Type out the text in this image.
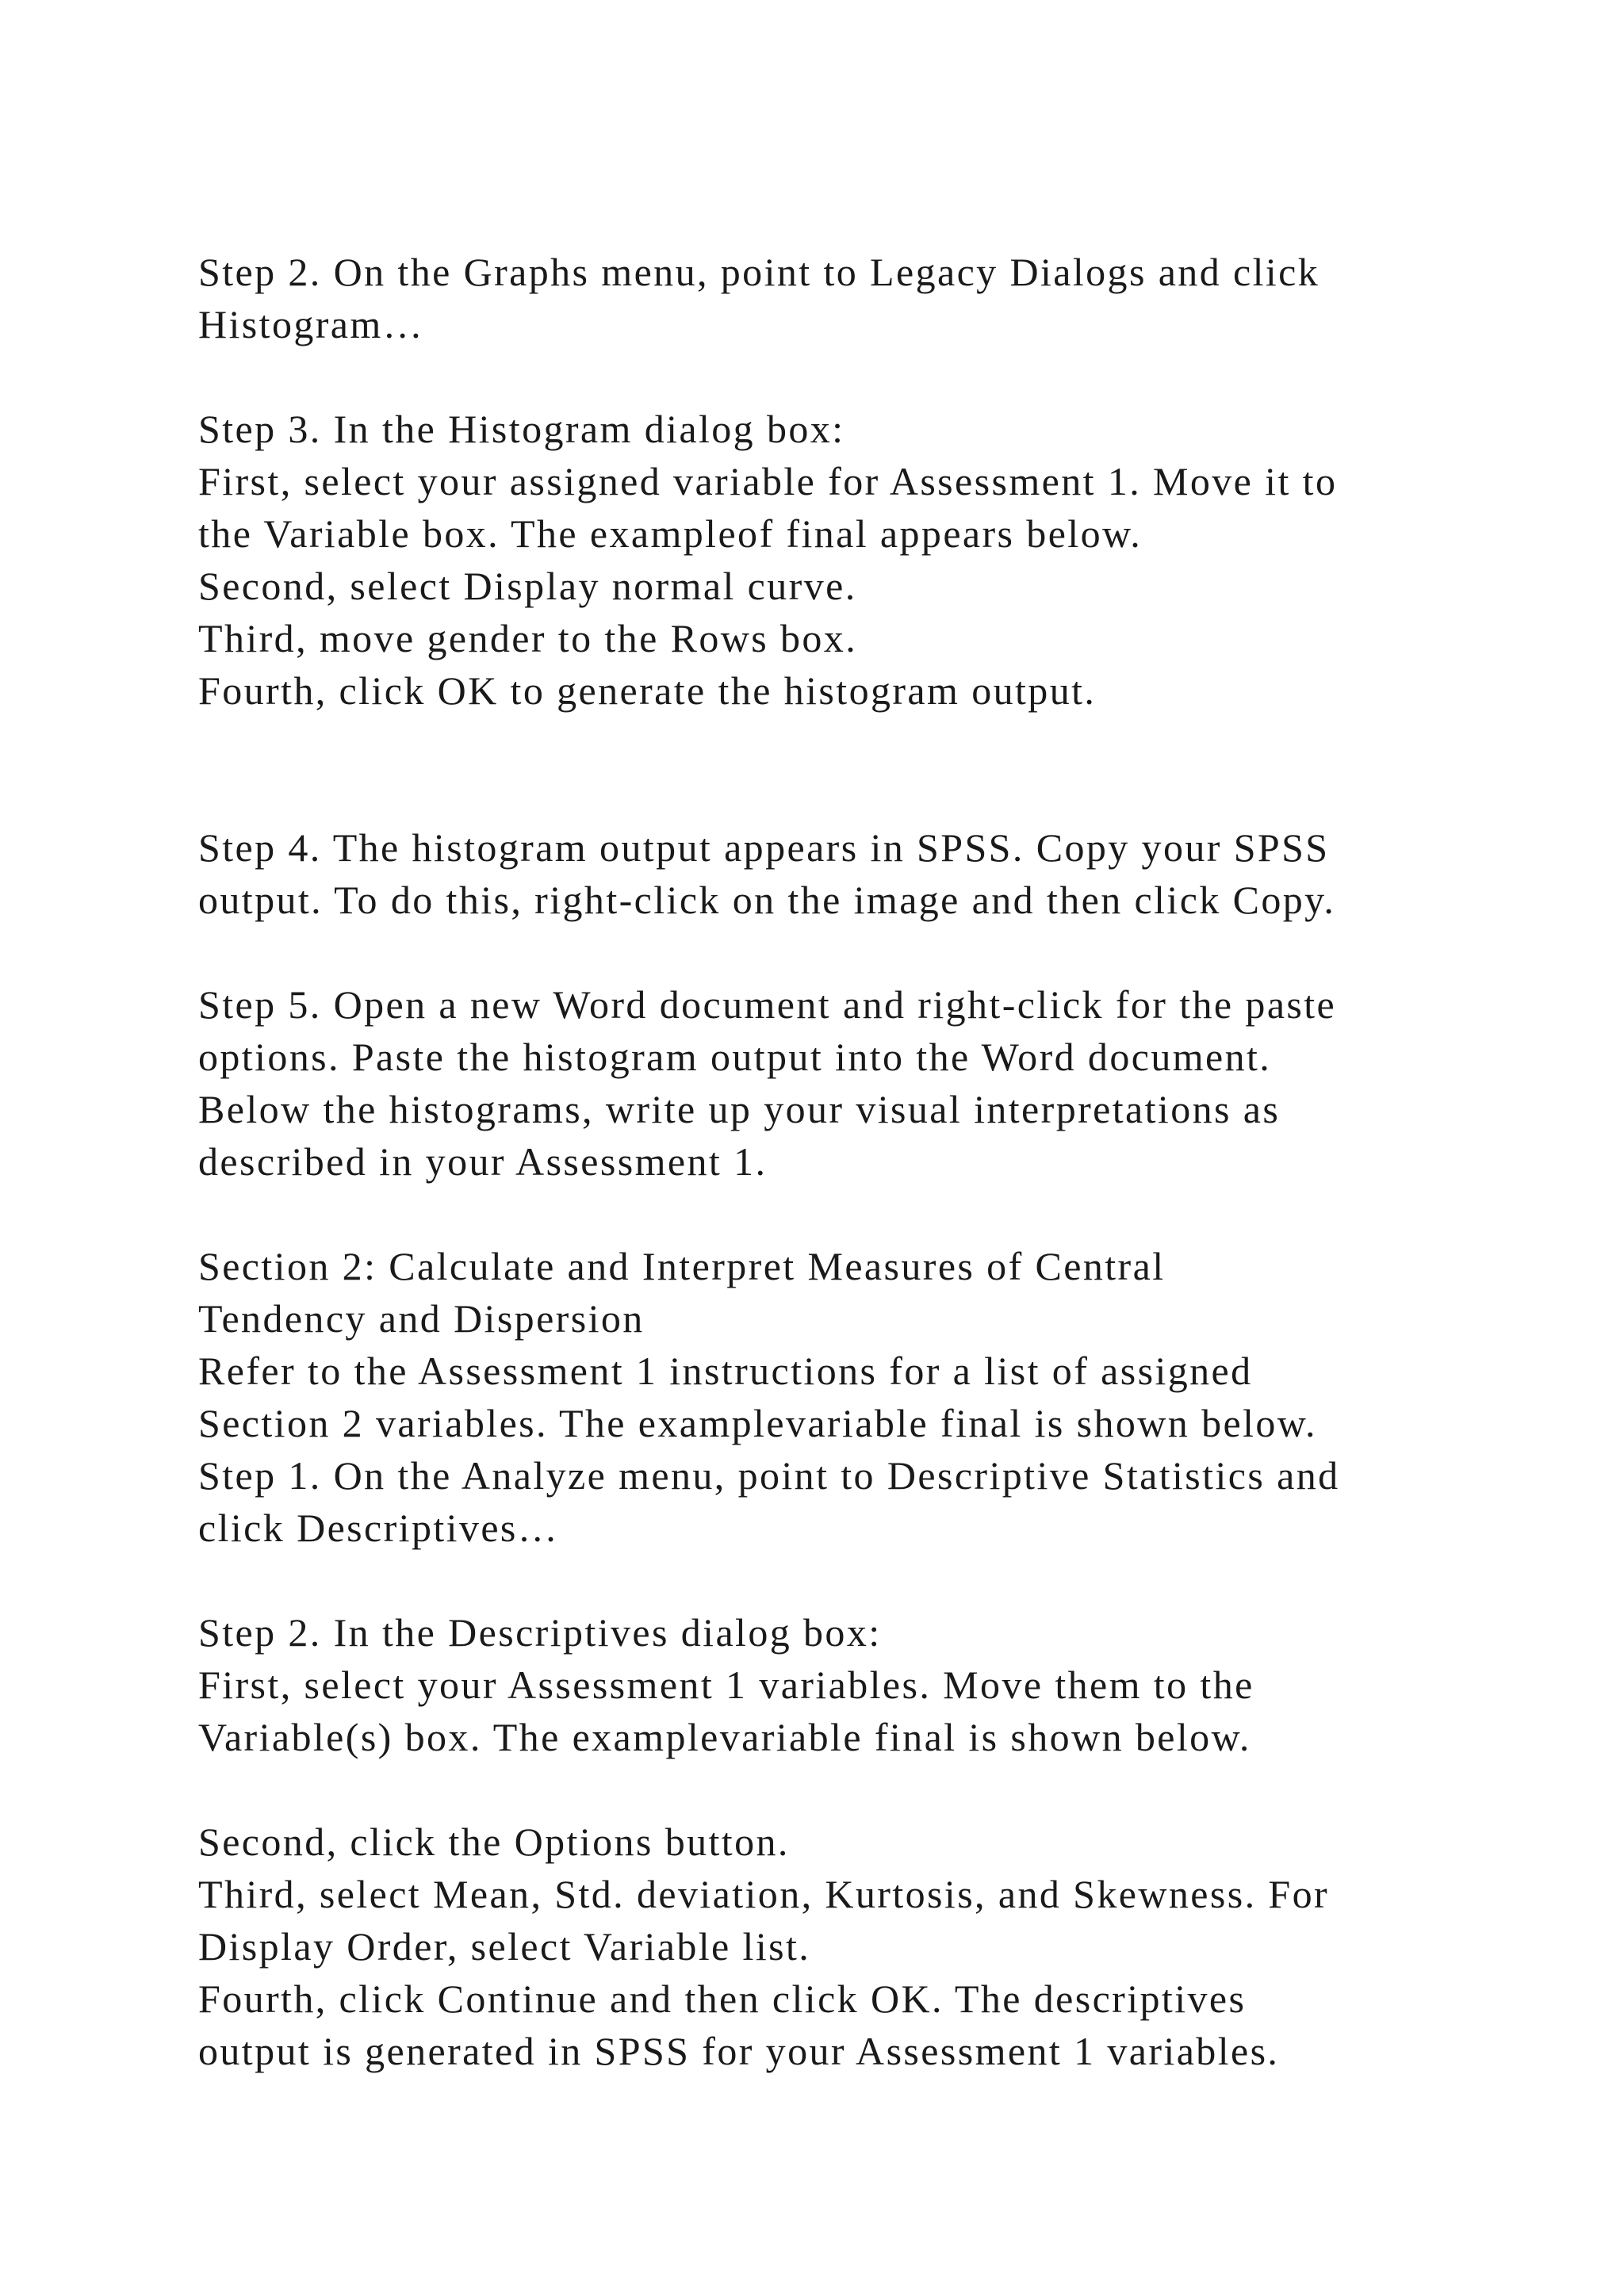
Step 2. On the Graphs menu, point to Legacy Dialogs and click
Histogram…
Step 3. In the Histogram dialog box:
First, select your assigned variable for Assessment 1. Move it to
the Variable box. The exampleof final appears below.
Second, select Display normal curve.
Third, move gender to the Rows box.
Fourth, click OK to generate the histogram output.
Step 4. The histogram output appears in SPSS. Copy your SPSS
output. To do this, right-click on the image and then click Copy.
Step 5. Open a new Word document and right-click for the paste
options. Paste the histogram output into the Word document.
Below the histograms, write up your visual interpretations as
described in your Assessment 1.
Section 2: Calculate and Interpret Measures of Central
Tendency and Dispersion
Refer to the Assessment 1 instructions for a list of assigned
Section 2 variables. The examplevariable final is shown below.
Step 1. On the Analyze menu, point to Descriptive Statistics and
click Descriptives…
Step 2. In the Descriptives dialog box:
First, select your Assessment 1 variables. Move them to the
Variable(s) box. The examplevariable final is shown below.
Second, click the Options button.
Third, select Mean, Std. deviation, Kurtosis, and Skewness. For
Display Order, select Variable list.
Fourth, click Continue and then click OK. The descriptives
output is generated in SPSS for your Assessment 1 variables.
